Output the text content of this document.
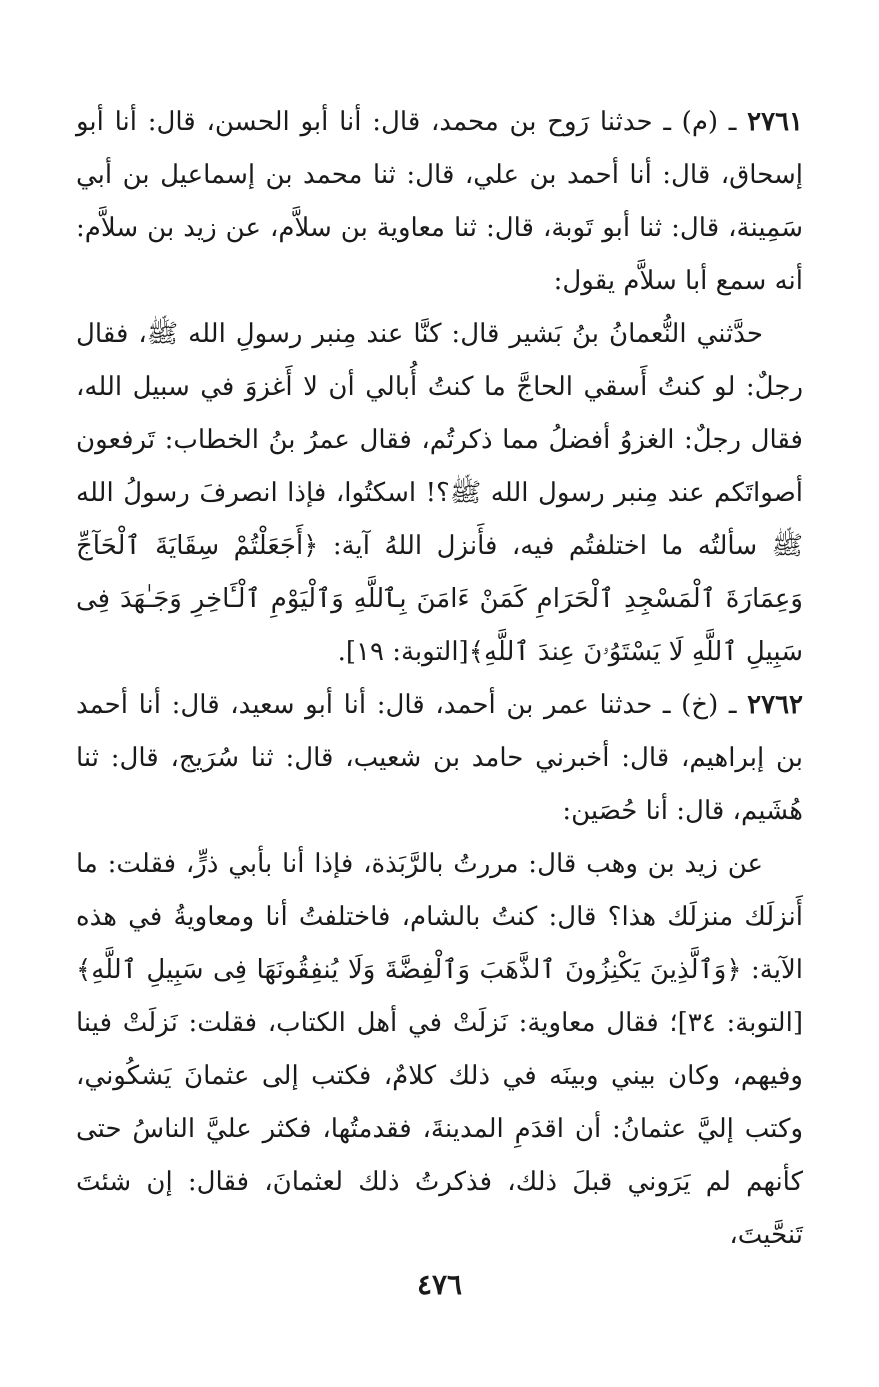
٢٧٦١ ـ (م) ـ حدثنا رَوح بن محمد، قال: أنا أبو الحسن، قال: أنا أبو إسحاق، قال: أنا أحمد بن علي، قال: ثنا محمد بن إسماعيل بن أبي سَمِينة، قال: ثنا أبو تَوبة، قال: ثنا معاوية بن سلاَّم، عن زيد بن سلاَّم: أنه سمع أبا سلاَّم يقول:

حدَّثني النُّعمانُ بنُ بَشير قال: كنَّا عند مِنبر رسولِ الله ﷺ، فقال رجلٌ: لو كنتُ أَسقي الحاجَّ ما كنتُ أُبالي أن لا أَغزوَ في سبيل الله، فقال رجلٌ: الغزوُ أفضلُ مما ذكرتُم، فقال عمرُ بنُ الخطاب: تَرفعون أصواتَكم عند مِنبر رسول الله ﷺ؟! اسكتُوا، فإذا انصرفَ رسولُ الله ﷺ سألتُه ما اختلفتُم فيه، فأَنزل اللهُ آية: ﴿أَجَعَلْتُمْ سِقَايَةَ ٱلْحَآجِّ وَعِمَارَةَ ٱلْمَسْجِدِ ٱلْحَرَامِ كَمَنْ ءَامَنَ بِٱللَّهِ وَٱلْيَوْمِ ٱلْـَٔاخِرِ وَجَـٰهَدَ فِى سَبِيلِ ٱللَّهِ لَا يَسْتَوُۥنَ عِندَ ٱللَّهِ﴾[التوبة: ١٩].

٢٧٦٢ ـ (خ) ـ حدثنا عمر بن أحمد، قال: أنا أبو سعيد، قال: أنا أحمد بن إبراهيم، قال: أخبرني حامد بن شعيب، قال: ثنا سُرَيج، قال: ثنا هُشَيم، قال: أنا حُصَين:

عن زيد بن وهب قال: مررتُ بالرَّبَذة، فإذا أنا بأبي ذرٍّ، فقلت: ما أَنزلَك منزلَك هذا؟ قال: كنتُ بالشام، فاختلفتُ أنا ومعاويةُ في هذه الآية: ﴿وَٱلَّذِينَ يَكْنِزُونَ ٱلذَّهَبَ وَٱلْفِضَّةَ وَلَا يُنفِقُونَهَا فِى سَبِيلِ ٱللَّهِ﴾[التوبة: ٣٤]؛ فقال معاوية: نَزلَتْ في أهل الكتاب، فقلت: نَزلَتْ فينا وفيهم، وكان بيني وبينَه في ذلك كلامٌ، فكتب إلى عثمانَ يَشكُوني، وكتب إليَّ عثمانُ: أن اقدَمِ المدينةَ، فقدمتُها، فكثر عليَّ الناسُ حتى كأنهم لم يَرَوني قبلَ ذلك، فذكرتُ ذلك لعثمانَ، فقال: إن شئتَ تَنحَّيتَ،

٤٧٦
